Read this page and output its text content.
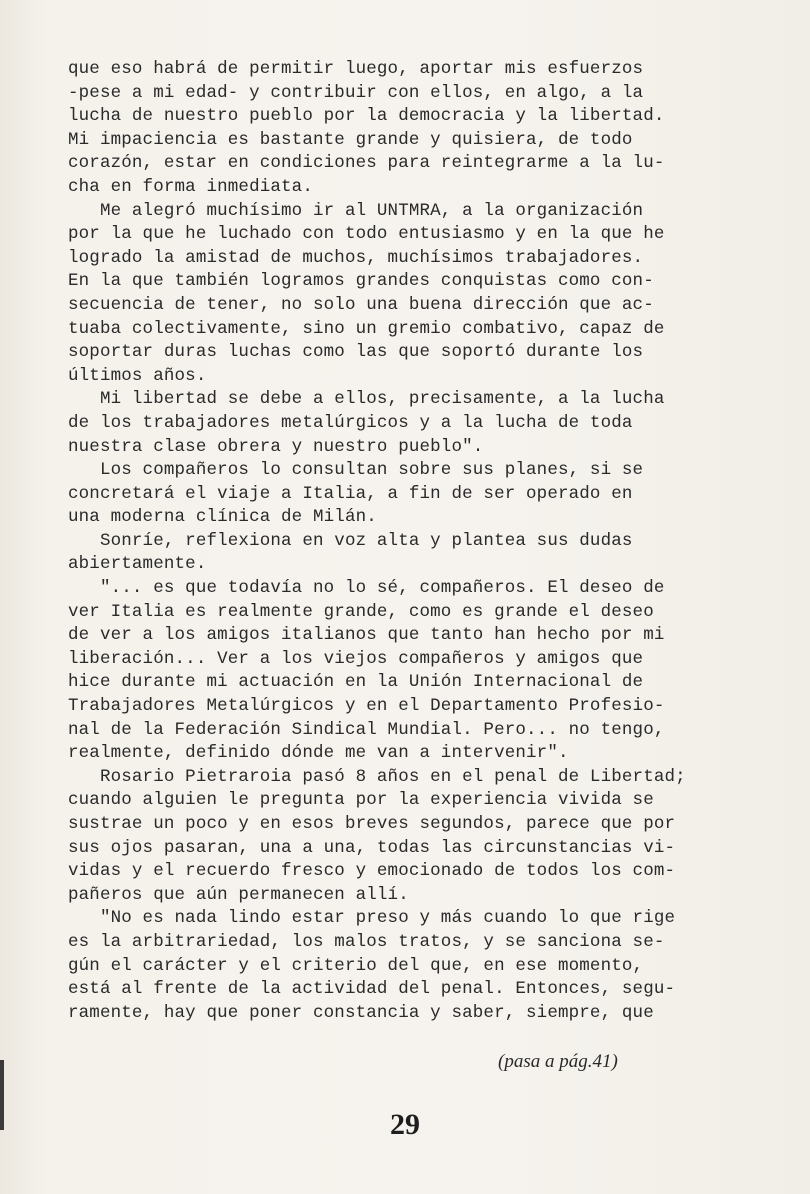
que eso habrá de permitir luego, aportar mis esfuerzos
-pese a mi edad- y contribuir con ellos, en algo, a la
lucha de nuestro pueblo por la democracia y la libertad.
Mi impaciencia es bastante grande y quisiera, de todo
corazón, estar en condiciones para reintegrarme a la lu-
cha en forma inmediata.
Me alegró muchísimo ir al UNTMRA, a la organización
por la que he luchado con todo entusiasmo y en la que he
logrado la amistad de muchos, muchísimos trabajadores.
En la que también logramos grandes conquistas como con-
secuencia de tener, no solo una buena dirección que ac-
tuaba colectivamente, sino un gremio combativo, capaz de
soportar duras luchas como las que soportó durante los
últimos años.
Mi libertad se debe a ellos, precisamente, a la lucha
de los trabajadores metalúrgicos y a la lucha de toda
nuestra clase obrera y nuestro pueblo".
Los compañeros lo consultan sobre sus planes, si se
concretará el viaje a Italia, a fin de ser operado en
una moderna clínica de Milán.
Sonríe, reflexiona en voz alta y plantea sus dudas
abiertamente.
"... es que todavía no lo sé, compañeros. El deseo de
ver Italia es realmente grande, como es grande el deseo
de ver a los amigos italianos que tanto han hecho por mi
liberación... Ver a los viejos compañeros y amigos que
hice durante mi actuación en la Unión Internacional de
Trabajadores Metalúrgicos y en el Departamento Profesio-
nal de la Federación Sindical Mundial. Pero... no tengo,
realmente, definido dónde me van a intervenir".
Rosario Pietraroia pasó 8 años en el penal de Libertad;
cuando alguien le pregunta por la experiencia vivida se
sustrae un poco y en esos breves segundos, parece que por
sus ojos pasaran, una a una, todas las circunstancias vi-
vidas y el recuerdo fresco y emocionado de todos los com-
pañeros que aún permanecen allí.
"No es nada lindo estar preso y más cuando lo que rige
es la arbitrariedad, los malos tratos, y se sanciona se-
gún el carácter y el criterio del que, en ese momento,
está al frente de la actividad del penal. Entonces, segu-
ramente, hay que poner constancia y saber, siempre, que
(pasa a pág.41)
29
